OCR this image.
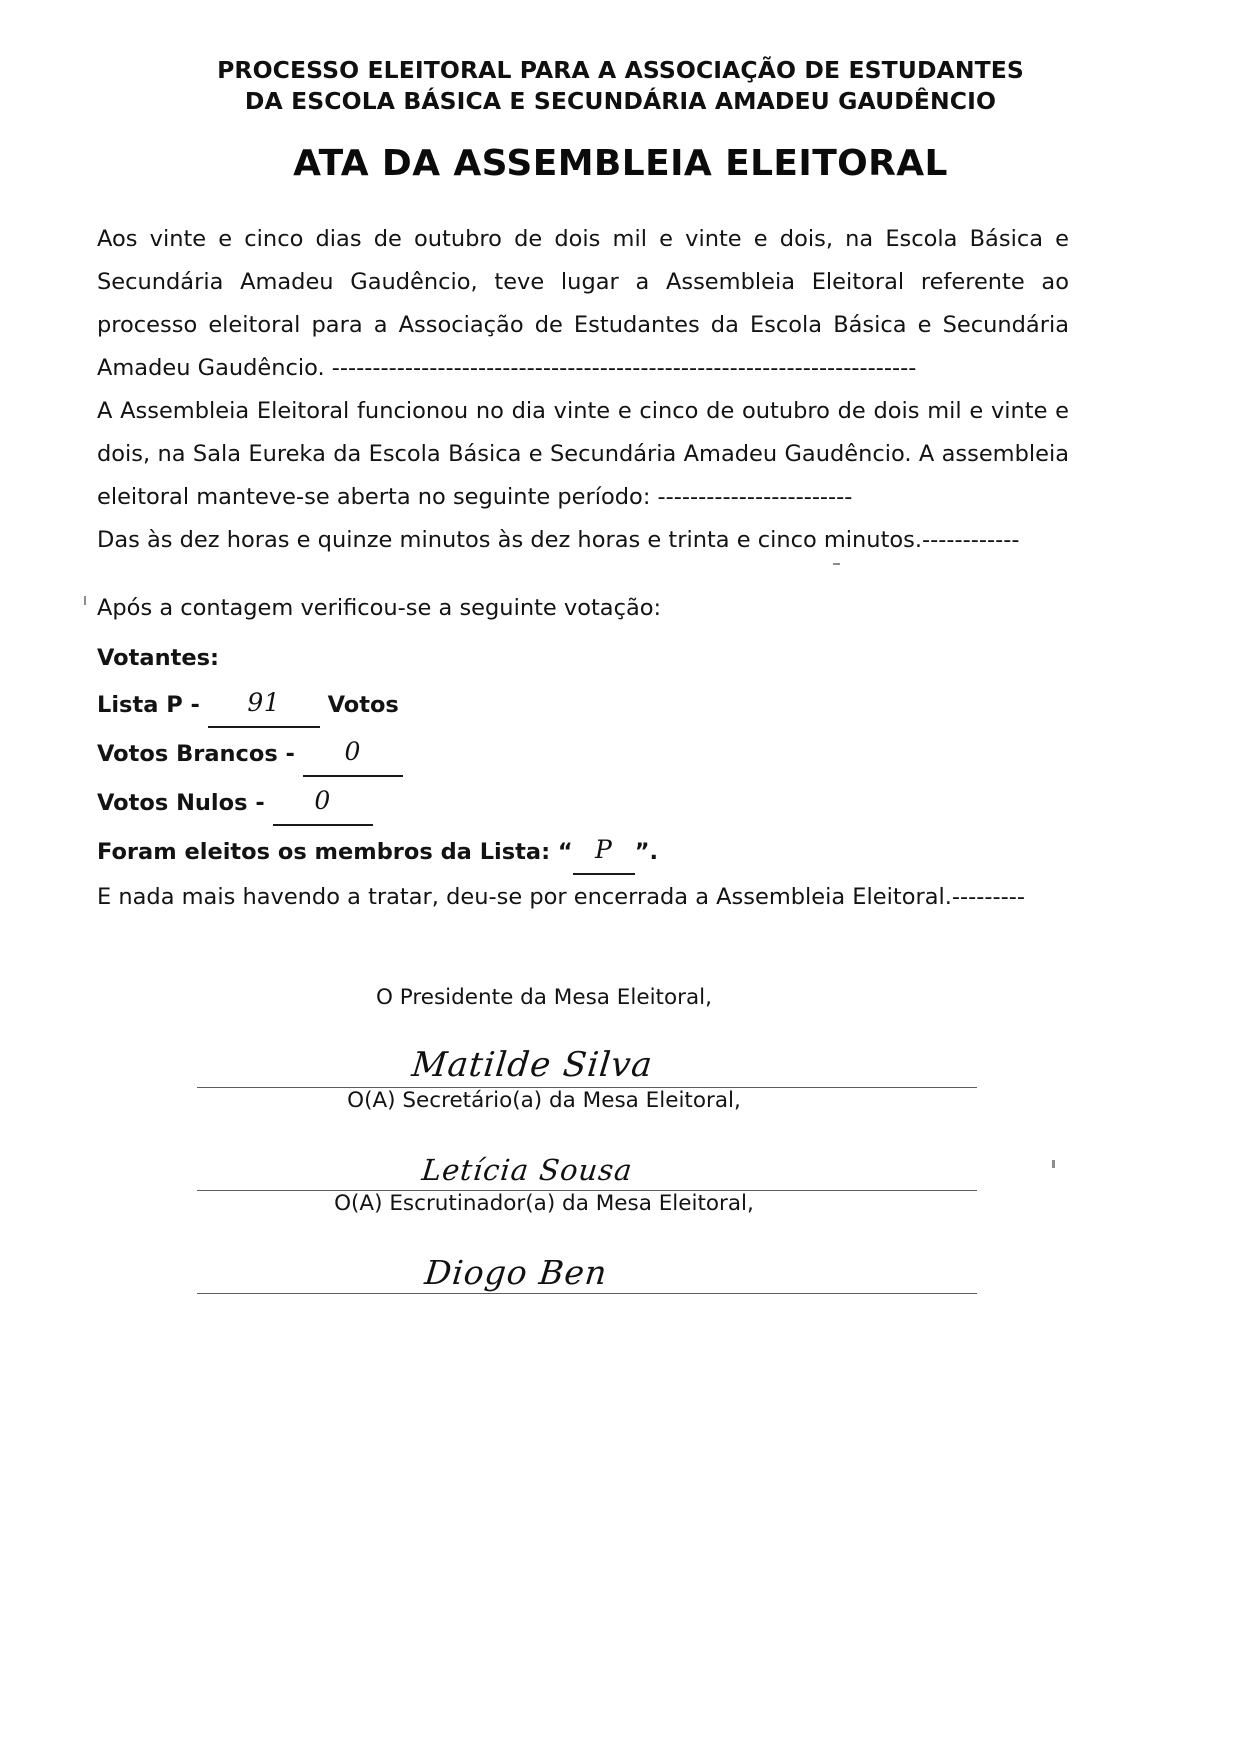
PROCESSO ELEITORAL PARA A ASSOCIAÇÃO DE ESTUDANTES
DA ESCOLA BÁSICA E SECUNDÁRIA AMADEU GAUDÊNCIO
ATA DA ASSEMBLEIA ELEITORAL

Aos vinte e cinco dias de outubro de dois mil e vinte e dois, na Escola Básica e Secundária Amadeu Gaudêncio, teve lugar a Assembleia Eleitoral referente ao processo eleitoral para a Associação de Estudantes da Escola Básica e Secundária Amadeu Gaudêncio. ------------------------------------------------------------------------

A Assembleia Eleitoral funcionou no dia vinte e cinco de outubro de dois mil e vinte e dois, na Sala Eureka da Escola Básica e Secundária Amadeu Gaudêncio. A assembleia eleitoral manteve-se aberta no seguinte período: ------------------------

Das às dez horas e quinze minutos às dez horas e trinta e cinco minutos.------------

Após a contagem verificou-se a seguinte votação:
Votantes:
Lista P - 91 Votos
Votos Brancos - 0
Votos Nulos - 0
Foram eleitos os membros da Lista: “ P ”.
E nada mais havendo a tratar, deu-se por encerrada a Assembleia Eleitoral.---------
O Presidente da Mesa Eleitoral,
Matilde Silva
O(A) Secretário(a) da Mesa Eleitoral,
Letícia Sousa
O(A) Escrutinador(a) da Mesa Eleitoral,
Diogo Ben
